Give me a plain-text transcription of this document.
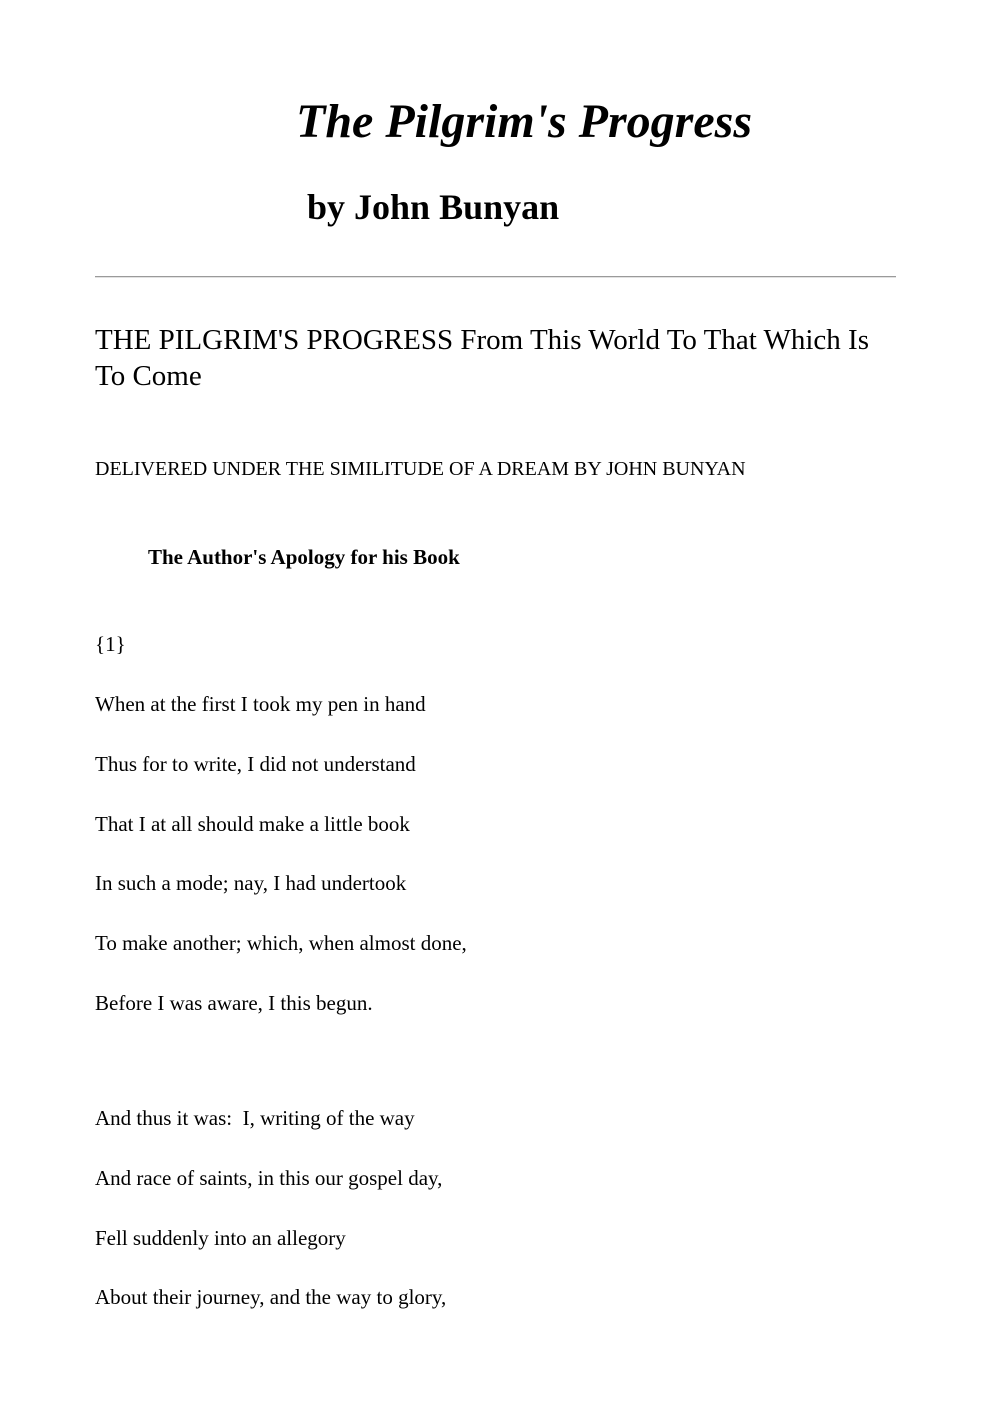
The Pilgrim's Progress
by John Bunyan
THE PILGRIM'S PROGRESS From This World To That Which Is To Come

DELIVERED UNDER THE SIMILITUDE OF A DREAM BY JOHN BUNYAN

The Author's Apology for his Book

{1}

When at the first I took my pen in hand

Thus for to write, I did not understand

That I at all should make a little book

In such a mode; nay, I had undertook

To make another; which, when almost done,

Before I was aware, I this begun.

And thus it was:  I, writing of the way

And race of saints, in this our gospel day,

Fell suddenly into an allegory

About their journey, and the way to glory,
